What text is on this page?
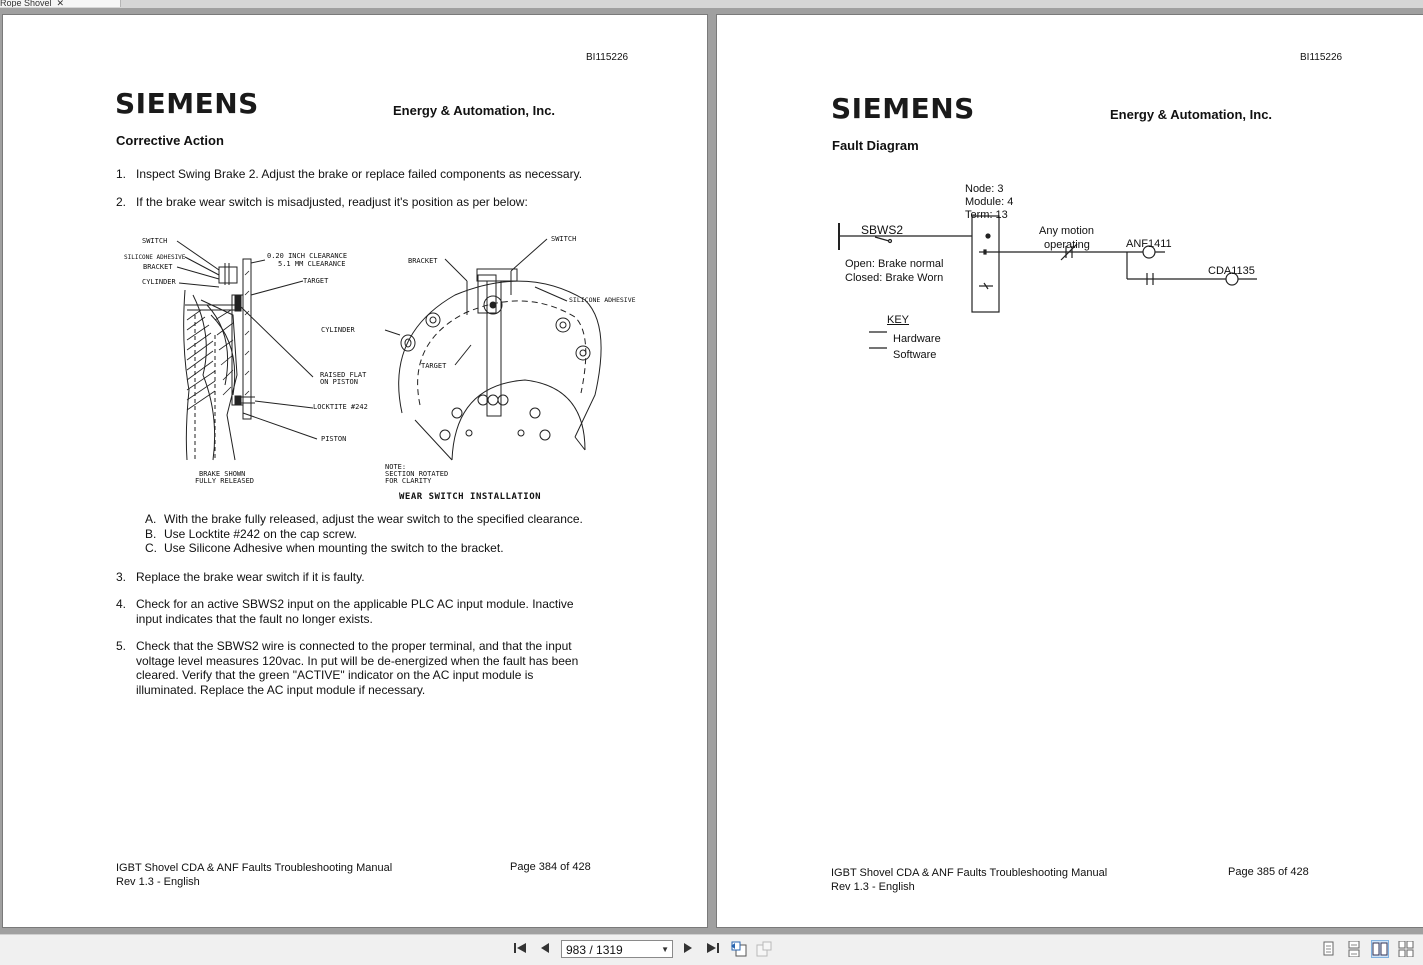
Rope Shovel  ✕
BI115226
SIEMENS	Energy & Automation, Inc.
Corrective Action
1. Inspect Swing Brake 2. Adjust the brake or replace failed components as necessary.
2. If the brake wear switch is misadjusted, readjust it's position as per below:
SWITCH
SILICONE ADHESIVE
BRACKET
CYLINDER
0.20 INCH CLEARANCE
5.1 MM CLEARANCE
TARGET
CYLINDER
RAISED FLAT
ON PISTON
LOCKTITE #242
PISTON
BRAKE SHOWN
FULLY RELEASED
BRACKET
SWITCH
SILICONE ADHESIVE
TARGET
NOTE:
SECTION ROTATED
FOR CLARITY
WEAR SWITCH INSTALLATION
A. With the brake fully released, adjust the wear switch to the specified clearance.
B. Use Locktite #242 on the cap screw.
C. Use Silicone Adhesive when mounting the switch to the bracket.
3. Replace the brake wear switch if it is faulty.
4. Check for an active SBWS2 input on the applicable PLC AC input module. Inactive input indicates that the fault no longer exists.
5. Check that the SBWS2 wire is connected to the proper terminal, and that the input voltage level measures 120vac. In put will be de-energized when the fault has been cleared. Verify that the green "ACTIVE" indicator on the AC input module is illuminated. Replace the AC input module if necessary.
IGBT Shovel CDA & ANF Faults Troubleshooting Manual
Rev 1.3 - English
Page 384 of 428
BI115226
SIEMENS	Energy & Automation, Inc.
Fault Diagram
Node: 3
Module: 4
Term: 13
SBWS2
Open: Brake normal
Closed: Brake Worn
Any motion
operating	ANF1411
CDA1135
KEY
Hardware
Software
IGBT Shovel CDA & ANF Faults Troubleshooting Manual
Rev 1.3 - English
Page 385 of 428
983 / 1319	▼
